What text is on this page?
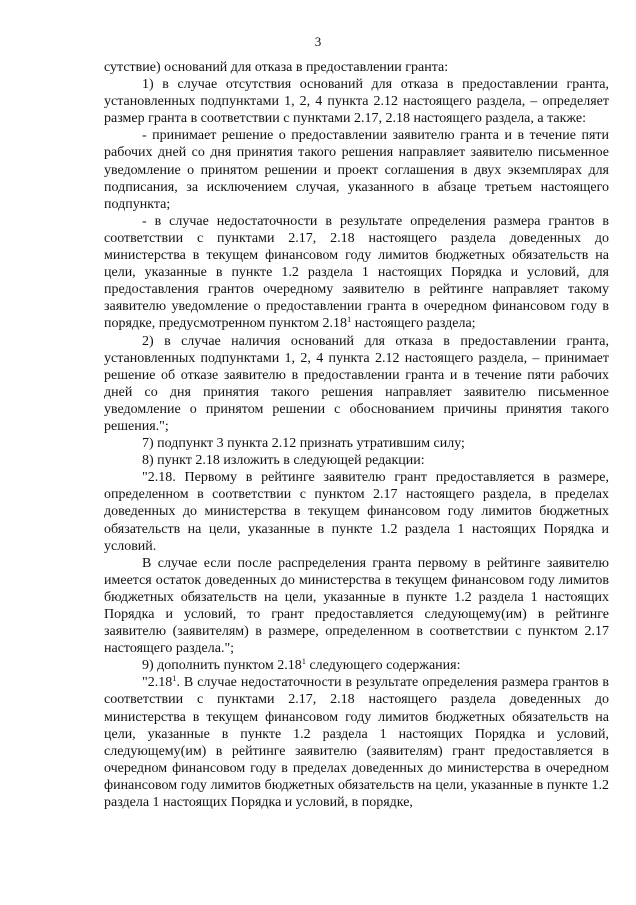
3

сутствие) оснований для отказа в предоставлении гранта:

1) в случае отсутствия оснований для отказа в предоставлении гранта, установленных подпунктами 1, 2, 4 пункта 2.12 настоящего раздела, – определяет размер гранта в соответствии с пунктами 2.17, 2.18 настоящего раздела, а также:

- принимает решение о предоставлении заявителю гранта и в течение пяти рабочих дней со дня принятия такого решения направляет заявителю письменное уведомление о принятом решении и проект соглашения в двух экземплярах для подписания, за исключением случая, указанного в абзаце третьем настоящего подпункта;

- в случае недостаточности в результате определения размера грантов в соответствии с пунктами 2.17, 2.18 настоящего раздела доведенных до министерства в текущем финансовом году лимитов бюджетных обязательств на цели, указанные в пункте 1.2 раздела 1 настоящих Порядка и условий, для предоставления грантов очередному заявителю в рейтинге направляет такому заявителю уведомление о предоставлении гранта в очередном финансовом году в порядке, предусмотренном пунктом 2.18$^1$ настоящего раздела;

2) в случае наличия оснований для отказа в предоставлении гранта, установленных подпунктами 1, 2, 4 пункта 2.12 настоящего раздела, – принимает решение об отказе заявителю в предоставлении гранта и в течение пяти рабочих дней со дня принятия такого решения направляет заявителю письменное уведомление о принятом решении с обоснованием причины принятия такого решения.";

7) подпункт 3 пункта 2.12 признать утратившим силу;

8) пункт 2.18 изложить в следующей редакции:

"2.18. Первому в рейтинге заявителю грант предоставляется в размере, определенном в соответствии с пунктом 2.17 настоящего раздела, в пределах доведенных до министерства в текущем финансовом году лимитов бюджетных обязательств на цели, указанные в пункте 1.2 раздела 1 настоящих Порядка и условий.

В случае если после распределения гранта первому в рейтинге заявителю имеется остаток доведенных до министерства в текущем финансовом году лимитов бюджетных обязательств на цели, указанные в пункте 1.2 раздела 1 настоящих Порядка и условий, то грант предоставляется следующему(им) в рейтинге заявителю (заявителям) в размере, определенном в соответствии с пунктом 2.17 настоящего раздела.";

9) дополнить пунктом 2.18$^1$ следующего содержания:

"2.18$^1$. В случае недостаточности в результате определения размера грантов в соответствии с пунктами 2.17, 2.18 настоящего раздела доведенных до министерства в текущем финансовом году лимитов бюджетных обязательств на цели, указанные в пункте 1.2 раздела 1 настоящих Порядка и условий, следующему(им) в рейтинге заявителю (заявителям) грант предоставляется в очередном финансовом году в пределах доведенных до министерства в очередном финансовом году лимитов бюджетных обязательств на цели, указанные в пункте 1.2 раздела 1 настоящих Порядка и условий, в порядке,
